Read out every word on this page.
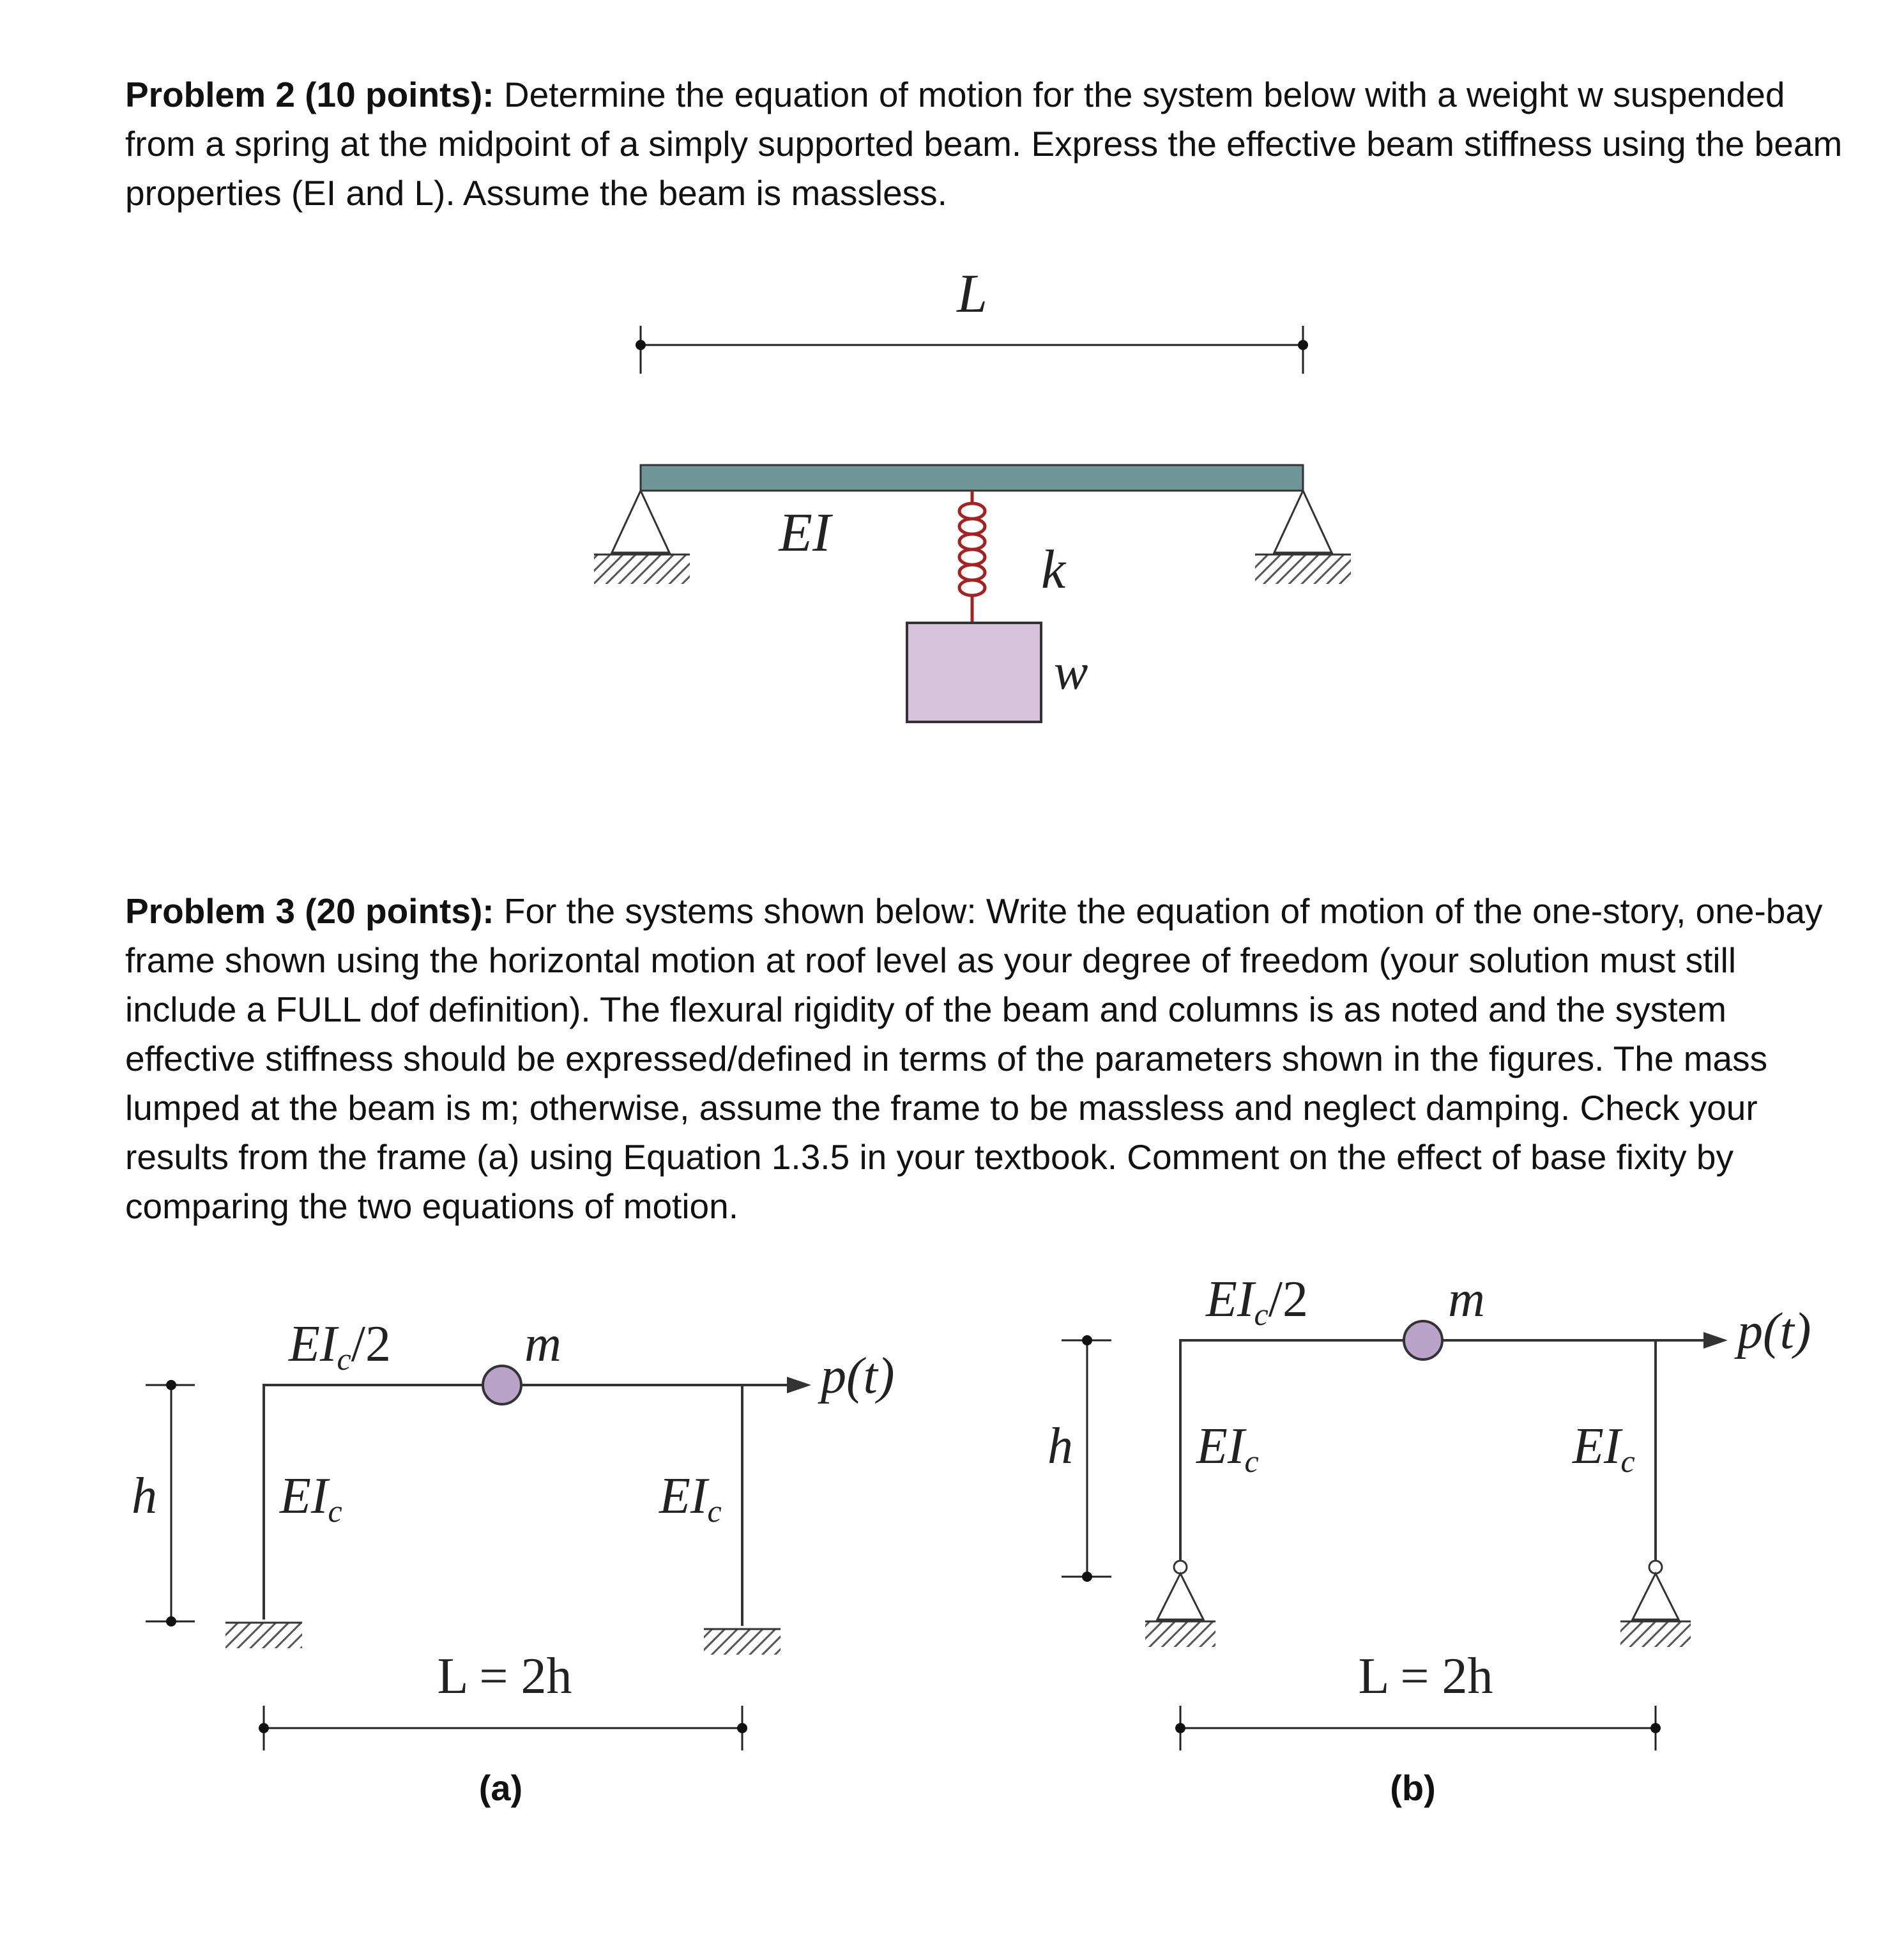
Problem 2 (10 points): Determine the equation of motion for the system below with a weight w suspended from a spring at the midpoint of a simply supported beam. Express the effective beam stiffness using the beam properties (EI and L). Assume the beam is massless.

Problem 3 (20 points): For the systems shown below: Write the equation of motion of the one-story, one-bay frame shown using the horizontal motion at roof level as your degree of freedom (your solution must still include a FULL dof definition). The flexural rigidity of the beam and columns is as noted and the system effective stiffness should be expressed/defined in terms of the parameters shown in the figures. The mass lumped at the beam is m; otherwise, assume the frame to be massless and neglect damping. Check your results from the frame (a) using Equation 1.3.5 in your textbook. Comment on the effect of base fixity by comparing the two equations of motion.

L
EI
k
w
h
EIc/2	m
p(t)
EIc	EIc
L = 2h
(a)
h
EIc/2	m
p(t)
EIc	EIc
L = 2h
(b)
